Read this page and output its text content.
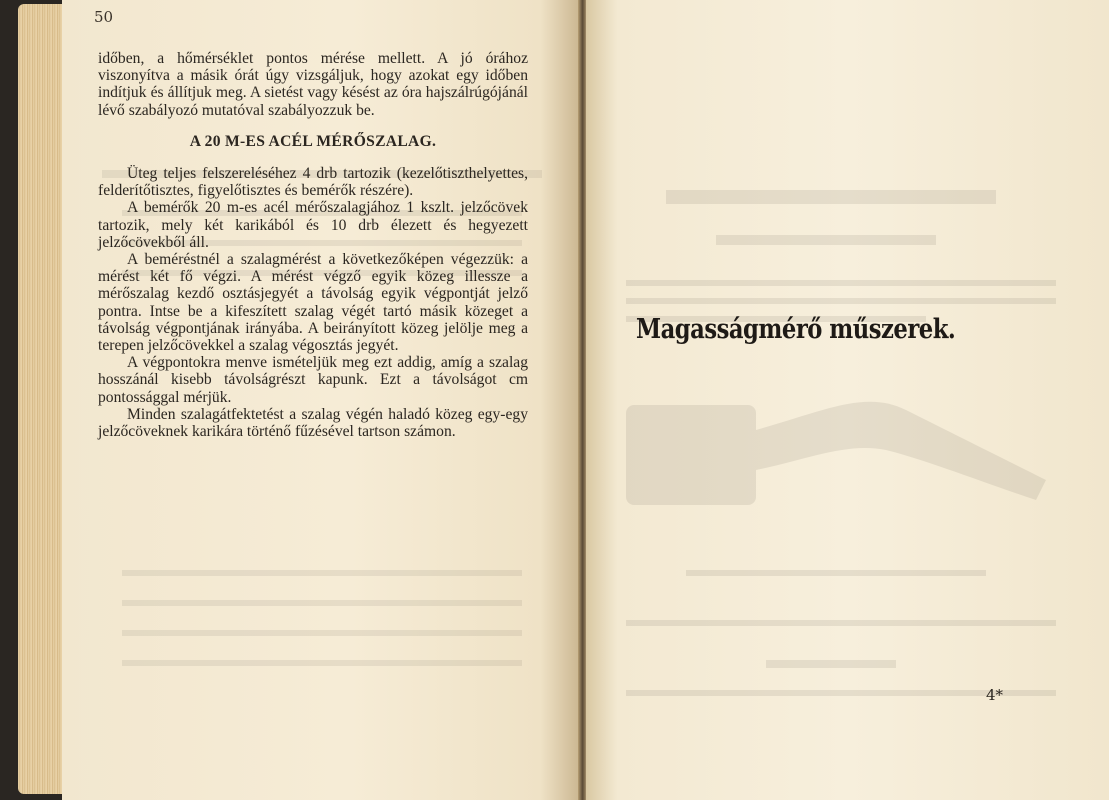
50

időben, a hőmérséklet pontos mérése mellett. A jó órához viszonyítva a másik órát úgy vizsgáljuk, hogy azokat egy időben indítjuk és állítjuk meg. A sietést vagy késést az óra hajszálrúgójánál lévő szabályozó mutatóval szabályozzuk be.

A 20 M-ES ACÉL MÉRŐSZALAG.

Üteg teljes felszereléséhez 4 drb tartozik (kezelőtiszthelyettes, felderítőtisztes, figyelőtisztes és bemérők részére).

A bemérők 20 m-es acél mérőszalagjához 1 kszlt. jelzőcövek tartozik, mely két karikából és 10 drb élezett és hegyezett jelzőcövekből áll.

A beméréstnél a szalagmérést a következőképen végezzük: a mérést két fő végzi. A mérést végző egyik közeg illessze a mérőszalag kezdő osztásjegyét a távolság egyik végpontját jelző pontra. Intse be a kifeszített szalag végét tartó másik közeget a távolság végpontjának irányába. A beirányított közeg jelölje meg a terepen jelzőcövekkel a szalag végosztás jegyét.

A végpontokra menve ismételjük meg ezt addig, amíg a szalag hosszánál kisebb távolságrészt kapunk. Ezt a távolságot cm pontossággal mérjük.

Minden szalagátfektetést a szalag végén haladó közeg egy-egy jelzőcöveknek karikára történő fűzésével tartson számon.

Magasságmérő műszerek.
4*
